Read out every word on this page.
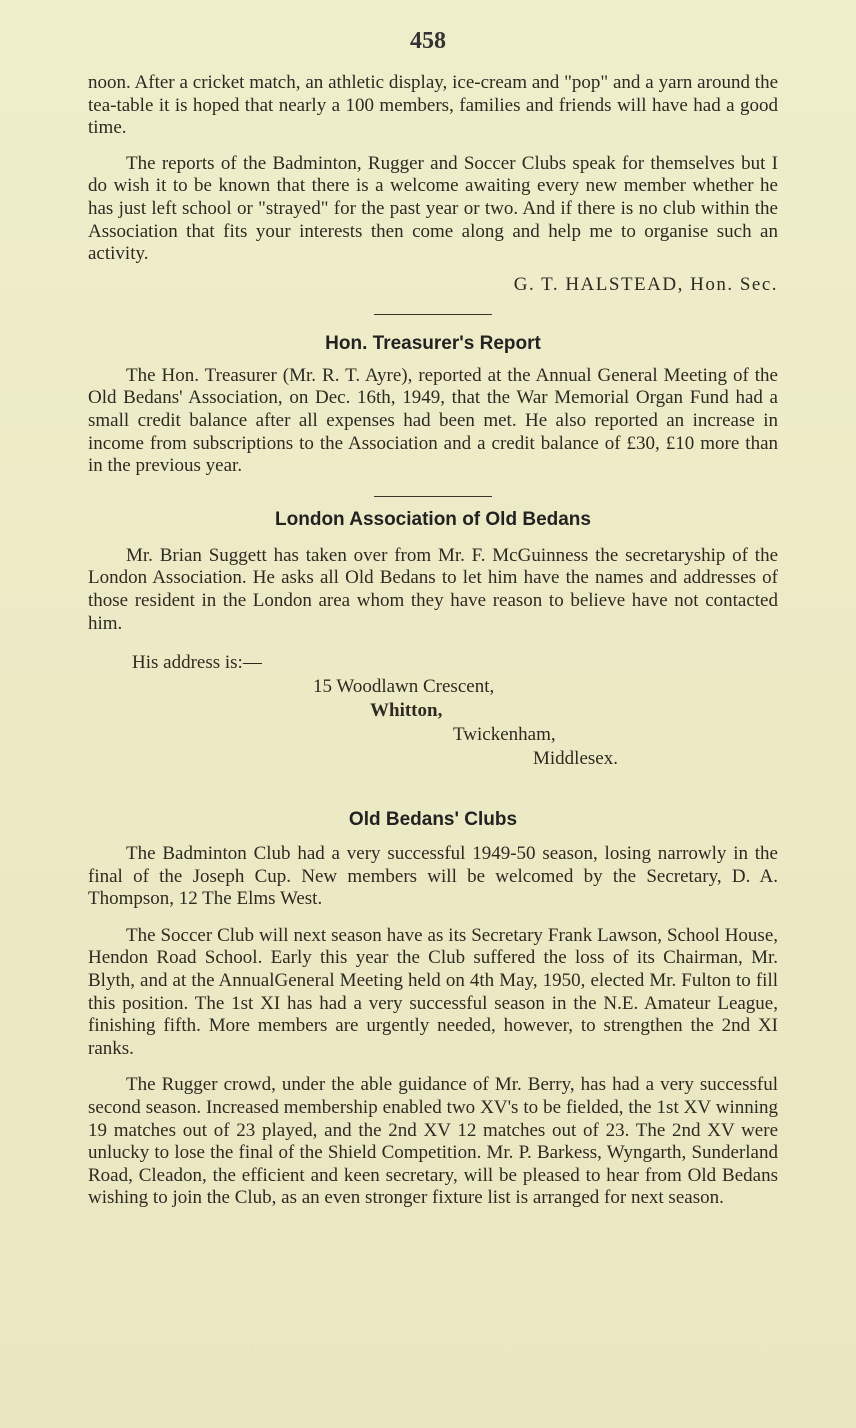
458

noon. After a cricket match, an athletic display, ice-cream and "pop" and a yarn around the tea-table it is hoped that nearly a 100 members, families and friends will have had a good time.

The reports of the Badminton, Rugger and Soccer Clubs speak for themselves but I do wish it to be known that there is a welcome awaiting every new member whether he has just left school or "strayed" for the past year or two. And if there is no club within the Association that fits your interests then come along and help me to organise such an activity.

G. T. HALSTEAD, Hon. Sec.
Hon. Treasurer's Report

The Hon. Treasurer (Mr. R. T. Ayre), reported at the Annual General Meeting of the Old Bedans' Association, on Dec. 16th, 1949, that the War Memorial Organ Fund had a small credit balance after all expenses had been met. He also reported an increase in income from subscriptions to the Association and a credit balance of £30, £10 more than in the previous year.

London Association of Old Bedans

Mr. Brian Suggett has taken over from Mr. F. McGuinness the secretaryship of the London Association. He asks all Old Bedans to let him have the names and addresses of those resident in the London area whom they have reason to believe have not contacted him.

His address is:—
15 Woodlawn Crescent,
Whitton,
Twickenham,
Middlesex.
Old Bedans' Clubs

The Badminton Club had a very successful 1949-50 season, losing narrowly in the final of the Joseph Cup. New members will be welcomed by the Secretary, D. A. Thompson, 12 The Elms West.

The Soccer Club will next season have as its Secretary Frank Lawson, School House, Hendon Road School. Early this year the Club suffered the loss of its Chairman, Mr. Blyth, and at the AnnualGeneral Meeting held on 4th May, 1950, elected Mr. Fulton to fill this position. The 1st XI has had a very successful season in the N.E. Amateur League, finishing fifth. More members are urgently needed, however, to strengthen the 2nd XI ranks.

The Rugger crowd, under the able guidance of Mr. Berry, has had a very successful second season. Increased membership enabled two XV's to be fielded, the 1st XV winning 19 matches out of 23 played, and the 2nd XV 12 matches out of 23. The 2nd XV were unlucky to lose the final of the Shield Competition. Mr. P. Barkess, Wyngarth, Sunderland Road, Cleadon, the efficient and keen secretary, will be pleased to hear from Old Bedans wishing to join the Club, as an even stronger fixture list is arranged for next season.
